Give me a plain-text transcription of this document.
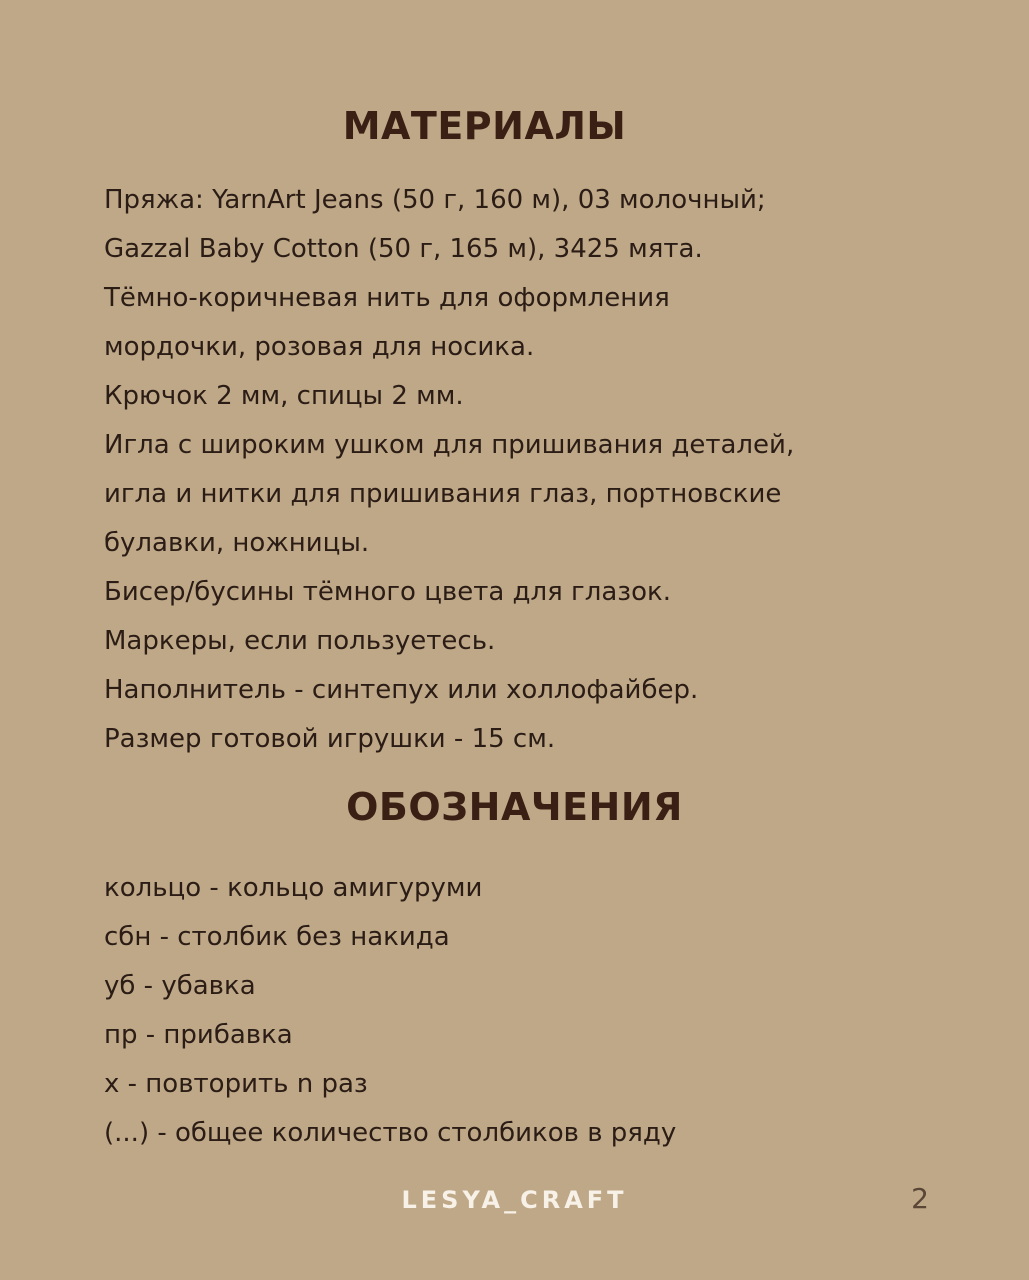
МАТЕРИАЛЫ
Пряжа: YarnArt Jeans (50 г, 160 м), 03 молочный;
Gazzal Baby Cotton (50 г, 165 м), 3425 мята.
Тёмно-коричневая нить для оформления
мордочки, розовая для носика.
Крючок 2 мм, спицы 2 мм.
Игла с широким ушком для пришивания деталей,
игла и нитки для пришивания глаз, портновские
булавки, ножницы.
Бисер/бусины тёмного цвета для глазок.
Маркеры, если пользуетесь.
Наполнитель - синтепух или холлофайбер.
Размер готовой игрушки - 15 см.
ОБОЗНАЧЕНИЯ
кольцо - кольцо амигуруми
сбн - столбик без накида
уб - убавка
пр - прибавка
х - повторить n раз
(...) - общее количество столбиков в ряду
LESYA_CRAFT	2
